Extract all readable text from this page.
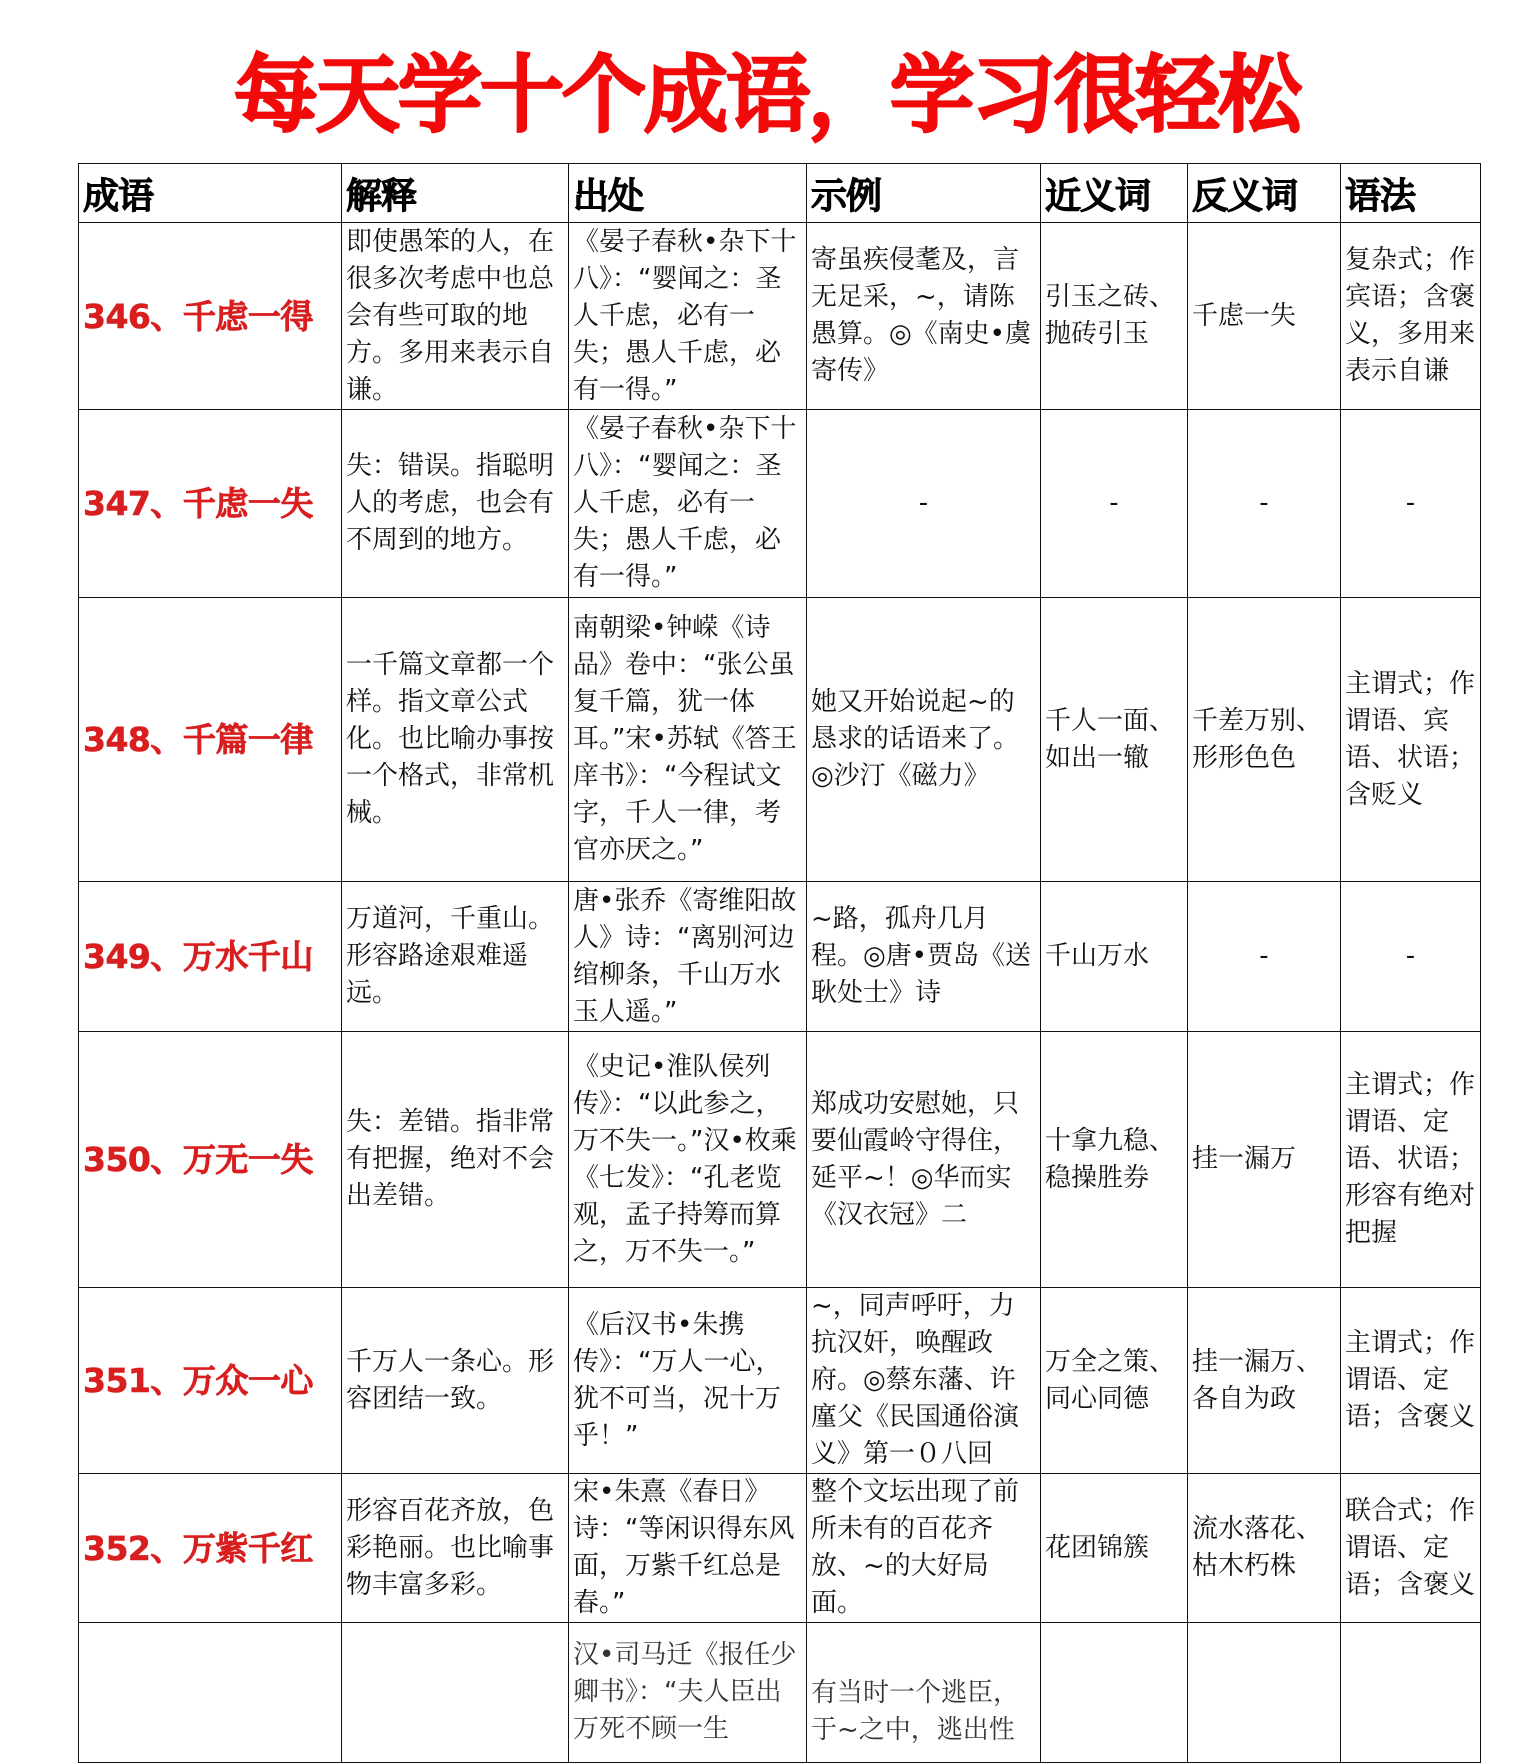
每天学十个成语，学习很轻松
成语	解释	出处	示例	近义词	反义词	语法
346、千虑一得	即使愚笨的人，在很多次考虑中也总会有些可取的地方。多用来表示自谦。	《晏子春秋•杂下十八》：“婴闻之：圣人千虑，必有一失；愚人千虑，必有一得。”	寄虽疾侵耄及，言无足采，~，请陈愚算。◎《南史•虞寄传》	引玉之砖、抛砖引玉	千虑一失	复杂式；作宾语；含褒义，多用来表示自谦
347、千虑一失	失：错误。指聪明人的考虑，也会有不周到的地方。	《晏子春秋•杂下十八》：“婴闻之：圣人千虑，必有一失；愚人千虑，必有一得。”	-	-	-	-
348、千篇一律	一千篇文章都一个样。指文章公式化。也比喻办事按一个格式，非常机械。	南朝梁•钟嵘《诗品》卷中：“张公虽复千篇，犹一体耳。”宋•苏轼《答王庠书》：“今程试文字，千人一律，考官亦厌之。”	她又开始说起~的恳求的话语来了。◎沙汀《磁力》	千人一面、如出一辙	千差万别、形形色色	主谓式；作谓语、宾语、状语；含贬义
349、万水千山	万道河，千重山。形容路途艰难遥远。	唐•张乔《寄维阳故人》诗：“离别河边绾柳条，千山万水玉人遥。”	~路，孤舟几月程。◎唐•贾岛《送耿处士》诗	千山万水	-	-
350、万无一失	失：差错。指非常有把握，绝对不会出差错。	《史记•淮队侯列传》：“以此参之，万不失一。”汉•枚乘《七发》：“孔老览观，孟子持筹而算之，万不失一。”	郑成功安慰她，只要仙霞岭守得住，延平~！◎华而实《汉衣冠》二	十拿九稳、稳操胜券	挂一漏万	主谓式；作谓语、定语、状语；形容有绝对把握
351、万众一心	千万人一条心。形容团结一致。	《后汉书•朱携传》：“万人一心，犹不可当，况十万乎！”	~，同声呼吁，力抗汉奸，唤醒政府。◎蔡东藩、许廑父《民国通俗演义》第一０八回	万全之策、同心同德	挂一漏万、各自为政	主谓式；作谓语、定语；含褒义
352、万紫千红	形容百花齐放，色彩艳丽。也比喻事物丰富多彩。	宋•朱熹《春日》诗：“等闲识得东风面，万紫千红总是春。”	整个文坛出现了前所未有的百花齐放、~的大好局面。	花团锦簇	流水落花、枯木朽株	联合式；作谓语、定语；含褒义
		汉•司马迁《报任少卿书》：“夫人臣出万死不顾一生	有当时一个逃臣，于~之中，逃出性			
